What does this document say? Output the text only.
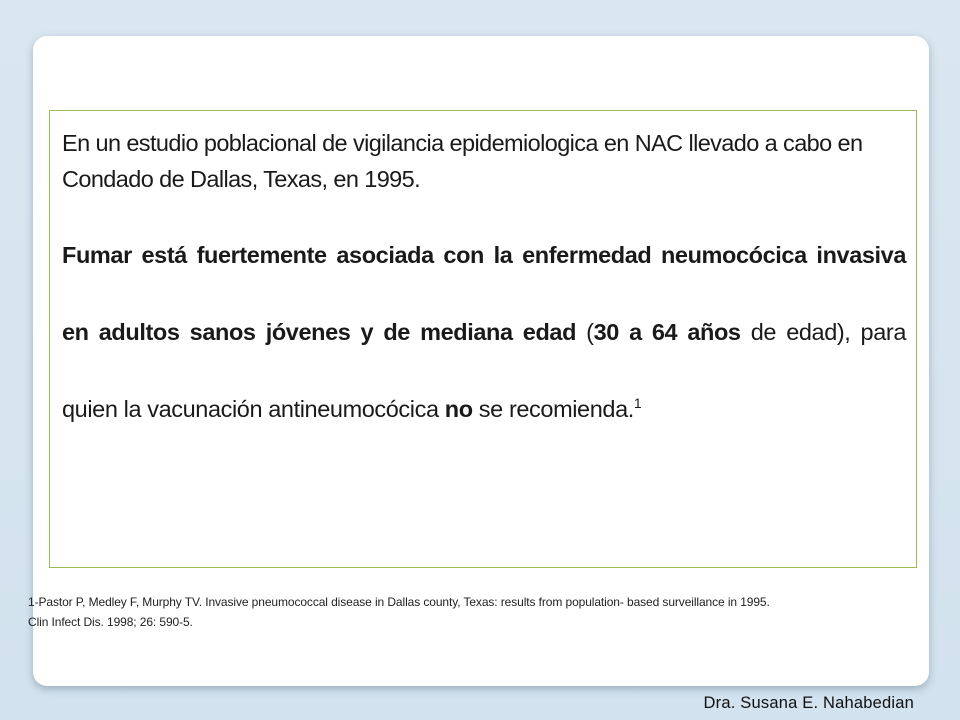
En un estudio poblacional de vigilancia epidemiologica en NAC llevado a cabo en Condado de Dallas, Texas, en 1995.

Fumar está fuertemente asociada con la enfermedad neumocócica invasiva en adultos sanos jóvenes y de mediana edad (30 a 64 años de edad), para quien la vacunación antineumocócica no se recomienda.$^1$

1-Pastor P, Medley F, Murphy TV. Invasive pneumococcal disease in Dallas county, Texas: results from population- based surveillance in 1995.
Clin Infect Dis. 1998; 26: 590-5.

Dra. Susana E. Nahabedian
